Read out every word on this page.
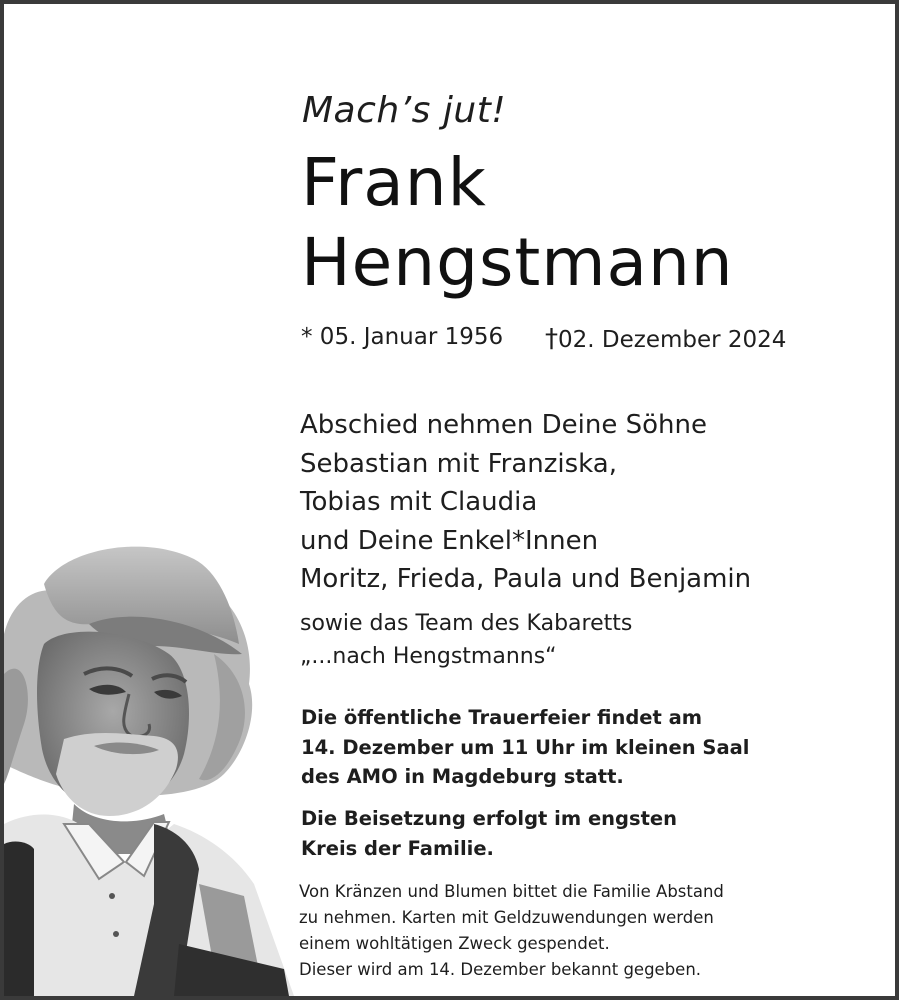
Mach’s jut!
Frank
Hengstmann
* 05. Januar 1956 †02. Dezember 2024
Abschied nehmen Deine Söhne
Sebastian mit Franziska,
Tobias mit Claudia
und Deine Enkel*Innen
Moritz, Frieda, Paula und Benjamin
sowie das Team des Kabaretts
„...nach Hengstmanns“
Die öffentliche Trauerfeier findet am
14. Dezember um 11 Uhr im kleinen Saal
des AMO in Magdeburg statt.
Die Beisetzung erfolgt im engsten
Kreis der Familie.
Von Kränzen und Blumen bittet die Familie Abstand
zu nehmen. Karten mit Geldzuwendungen werden
einem wohltätigen Zweck gespendet.
Dieser wird am 14. Dezember bekannt gegeben.
